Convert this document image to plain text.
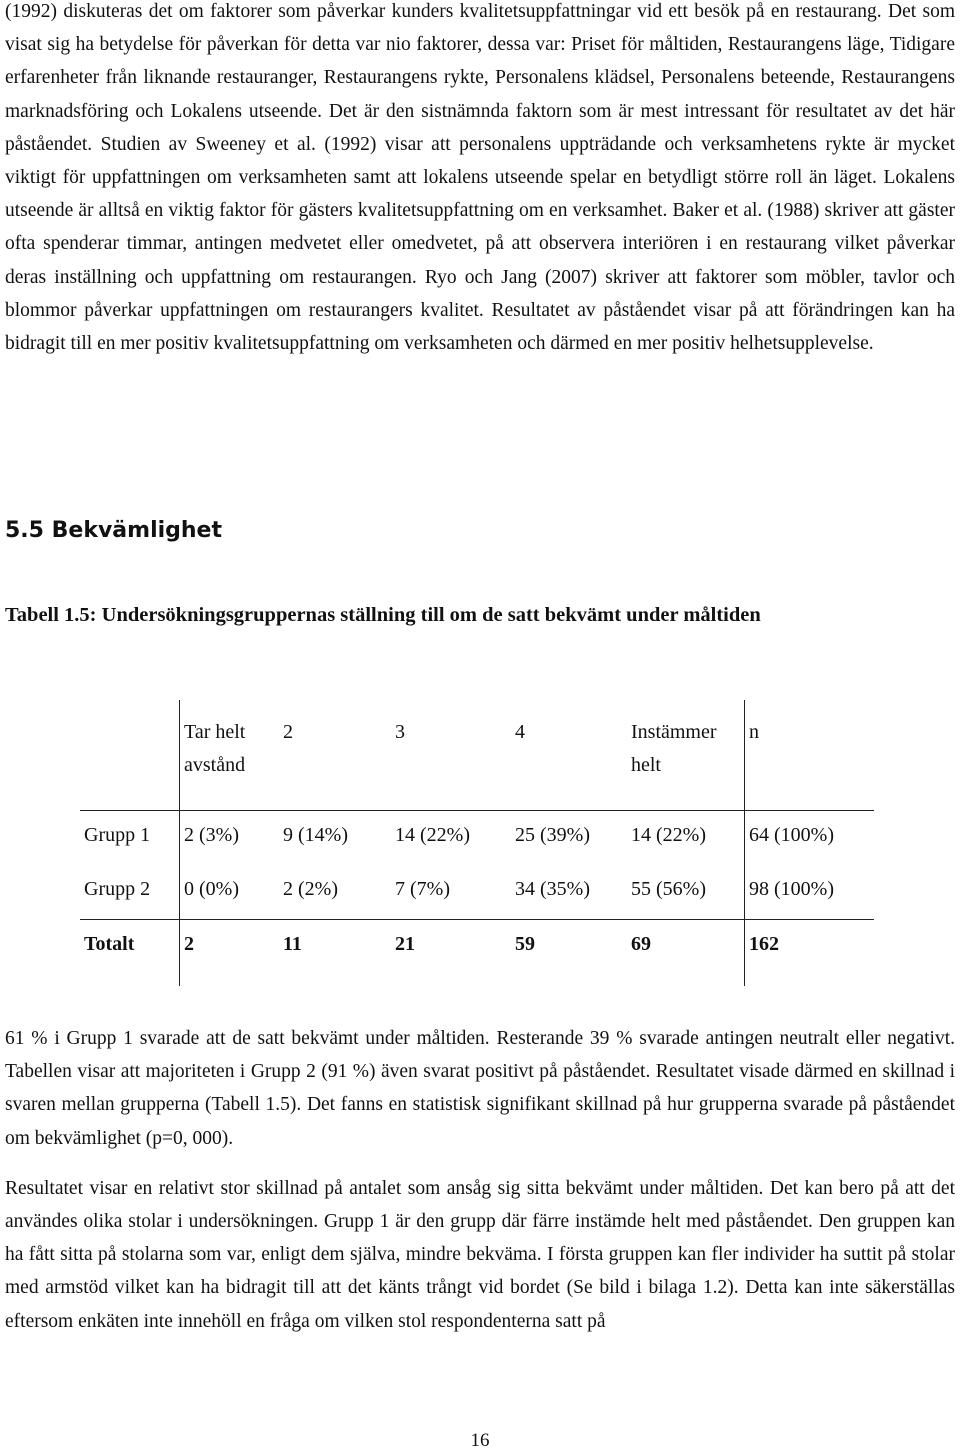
(1992) diskuteras det om faktorer som påverkar kunders kvalitetsuppfattningar vid ett besök på en restaurang. Det som visat sig ha betydelse för påverkan för detta var nio faktorer, dessa var: Priset för måltiden, Restaurangens läge, Tidigare erfarenheter från liknande restauranger, Restaurangens rykte, Personalens klädsel, Personalens beteende, Restaurangens marknadsföring och Lokalens utseende. Det är den sistnämnda faktorn som är mest intressant för resultatet av det här påståendet. Studien av Sweeney et al. (1992) visar att personalens uppträdande och verksamhetens rykte är mycket viktigt för uppfattningen om verksamheten samt att lokalens utseende spelar en betydligt större roll än läget. Lokalens utseende är alltså en viktig faktor för gästers kvalitetsuppfattning om en verksamhet. Baker et al. (1988) skriver att gäster ofta spenderar timmar, antingen medvetet eller omedvetet, på att observera interiören i en restaurang vilket påverkar deras inställning och uppfattning om restaurangen. Ryo och Jang (2007) skriver att faktorer som möbler, tavlor och blommor påverkar uppfattningen om restaurangers kvalitet. Resultatet av påståendet visar på att förändringen kan ha bidragit till en mer positiv kvalitetsuppfattning om verksamheten och därmed en mer positiv helhetsupplevelse.

5.5 Bekvämlighet

Tabell 1.5: Undersökningsgruppernas ställning till om de satt bekvämt under måltiden

	Tar helt avstånd	2	3	4	Instämmer helt	n
Grupp 1	2 (3%)	9 (14%)	14 (22%)	25 (39%)	14 (22%)	64 (100%)
Grupp 2	0 (0%)	2 (2%)	7 (7%)	34 (35%)	55 (56%)	98 (100%)
Totalt	2	11	21	59	69	162

61 % i Grupp 1 svarade att de satt bekvämt under måltiden. Resterande 39 % svarade antingen neutralt eller negativt. Tabellen visar att majoriteten i Grupp 2 (91 %) även svarat positivt på påståendet. Resultatet visade därmed en skillnad i svaren mellan grupperna (Tabell 1.5). Det fanns en statistisk signifikant skillnad på hur grupperna svarade på påståendet om bekvämlighet (p=0, 000).

Resultatet visar en relativt stor skillnad på antalet som ansåg sig sitta bekvämt under måltiden. Det kan bero på att det användes olika stolar i undersökningen. Grupp 1 är den grupp där färre instämde helt med påståendet. Den gruppen kan ha fått sitta på stolarna som var, enligt dem själva, mindre bekväma. I första gruppen kan fler individer ha suttit på stolar med armstöd vilket kan ha bidragit till att det känts trångt vid bordet (Se bild i bilaga 1.2). Detta kan inte säkerställas eftersom enkäten inte innehöll en fråga om vilken stol respondenterna satt på

16
